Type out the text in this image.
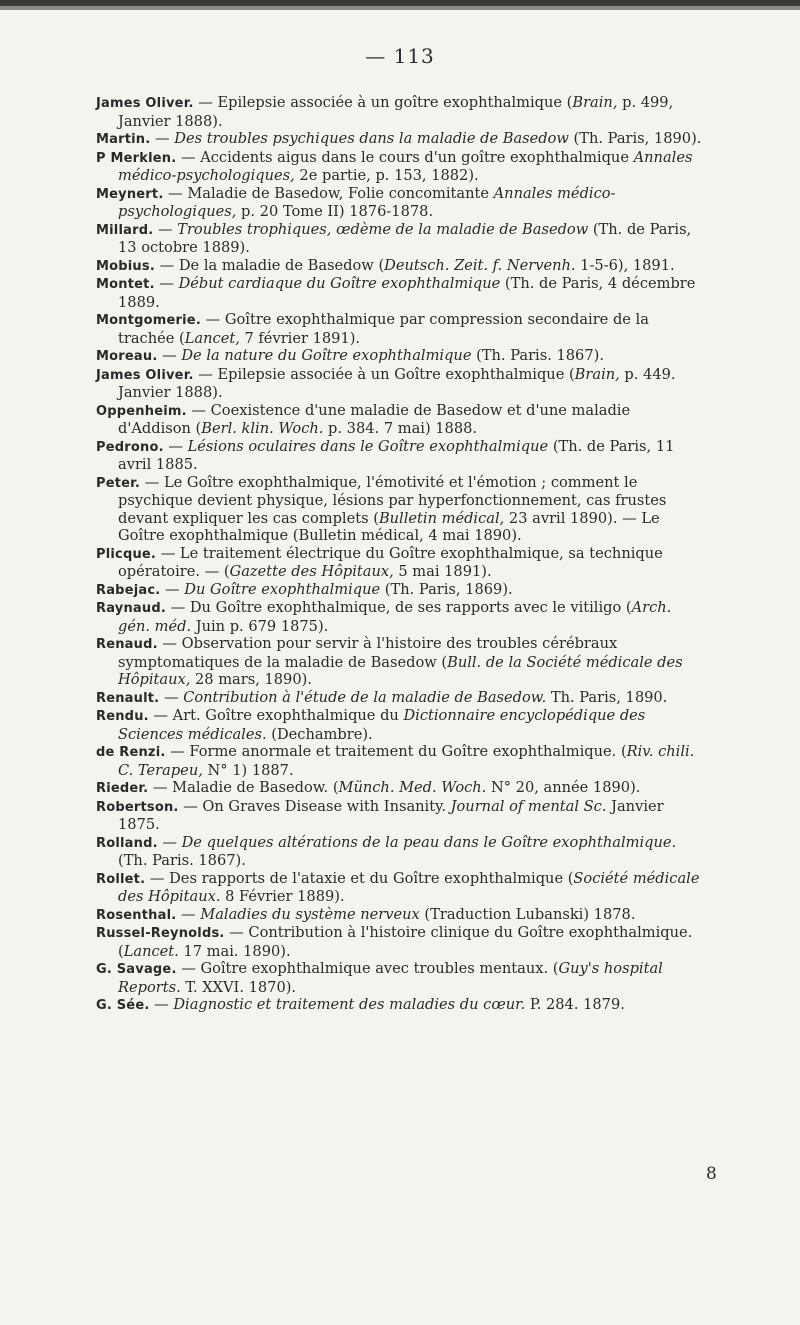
— 113

James Oliver. — Epilepsie associée à un goître exophthalmique (Brain, p. 499, Janvier 1888).

Martin. — Des troubles psychiques dans la maladie de Basedow (Th. Paris, 1890).

P Merklen. — Accidents aigus dans le cours d'un goître exophthalmique Annales médico-psychologiques, 2e partie, p. 153, 1882).

Meynert. — Maladie de Basedow, Folie concomitante Annales médico-psychologiques, p. 20 Tome II) 1876-1878.

Millard. — Troubles trophiques, œdème de la maladie de Basedow (Th. de Paris, 13 octobre 1889).

Mobius. — De la maladie de Basedow (Deutsch. Zeit. f. Nervenh. 1-5-6), 1891.

Montet. — Début cardiaque du Goître exophthalmique (Th. de Paris, 4 décembre 1889.

Montgomerie. — Goître exophthalmique par compression secondaire de la trachée (Lancet, 7 février 1891).

Moreau. — De la nature du Goître exophthalmique (Th. Paris. 1867).

James Oliver. — Epilepsie associée à un Goître exophthalmique (Brain, p. 449. Janvier 1888).

Oppenheim. — Coexistence d'une maladie de Basedow et d'une maladie d'Addison (Berl. klin. Woch. p. 384. 7 mai) 1888.

Pedrono. — Lésions oculaires dans le Goître exophthalmique (Th. de Paris, 11 avril 1885.

Peter. — Le Goître exophthalmique, l'émotivité et l'émotion ; comment le psychique devient physique, lésions par hyperfonctionnement, cas frustes devant expliquer les cas complets (Bulletin médical, 23 avril 1890). — Le Goître exophthalmique (Bulletin médical, 4 mai 1890).

Plicque. — Le traitement électrique du Goître exophthalmique, sa technique opératoire. — (Gazette des Hôpitaux, 5 mai 1891).

Rabejac. — Du Goître exophthalmique (Th. Paris, 1869).

Raynaud. — Du Goître exophthalmique, de ses rapports avec le vitiligo (Arch. gén. méd. Juin p. 679 1875).

Renaud. — Observation pour servir à l'histoire des troubles cérébraux symptomatiques de la maladie de Basedow (Bull. de la Société médicale des Hôpitaux, 28 mars, 1890).

Renault. — Contribution à l'étude de la maladie de Basedow. Th. Paris, 1890.

Rendu. — Art. Goître exophthalmique du Dictionnaire encyclopédique des Sciences médicales. (Dechambre).

de Renzi. — Forme anormale et traitement du Goître exophthalmique. (Riv. chili. C. Terapeu, N° 1) 1887.

Rieder. — Maladie de Basedow. (Münch. Med. Woch. N° 20, année 1890).

Robertson. — On Graves Disease with Insanity. Journal of mental Sc. Janvier 1875.

Rolland. — De quelques altérations de la peau dans le Goître exophthalmique. (Th. Paris. 1867).

Rollet. — Des rapports de l'ataxie et du Goître exophthalmique (Société médicale des Hôpitaux. 8 Février 1889).

Rosenthal. — Maladies du système nerveux (Traduction Lubanski) 1878.

Russel-Reynolds. — Contribution à l'histoire clinique du Goître exophthalmique. (Lancet. 17 mai. 1890).

G. Savage. — Goître exophthalmique avec troubles mentaux. (Guy's hospital Reports. T. XXVI. 1870).

G. Sée. — Diagnostic et traitement des maladies du cœur. P. 284. 1879.

8
